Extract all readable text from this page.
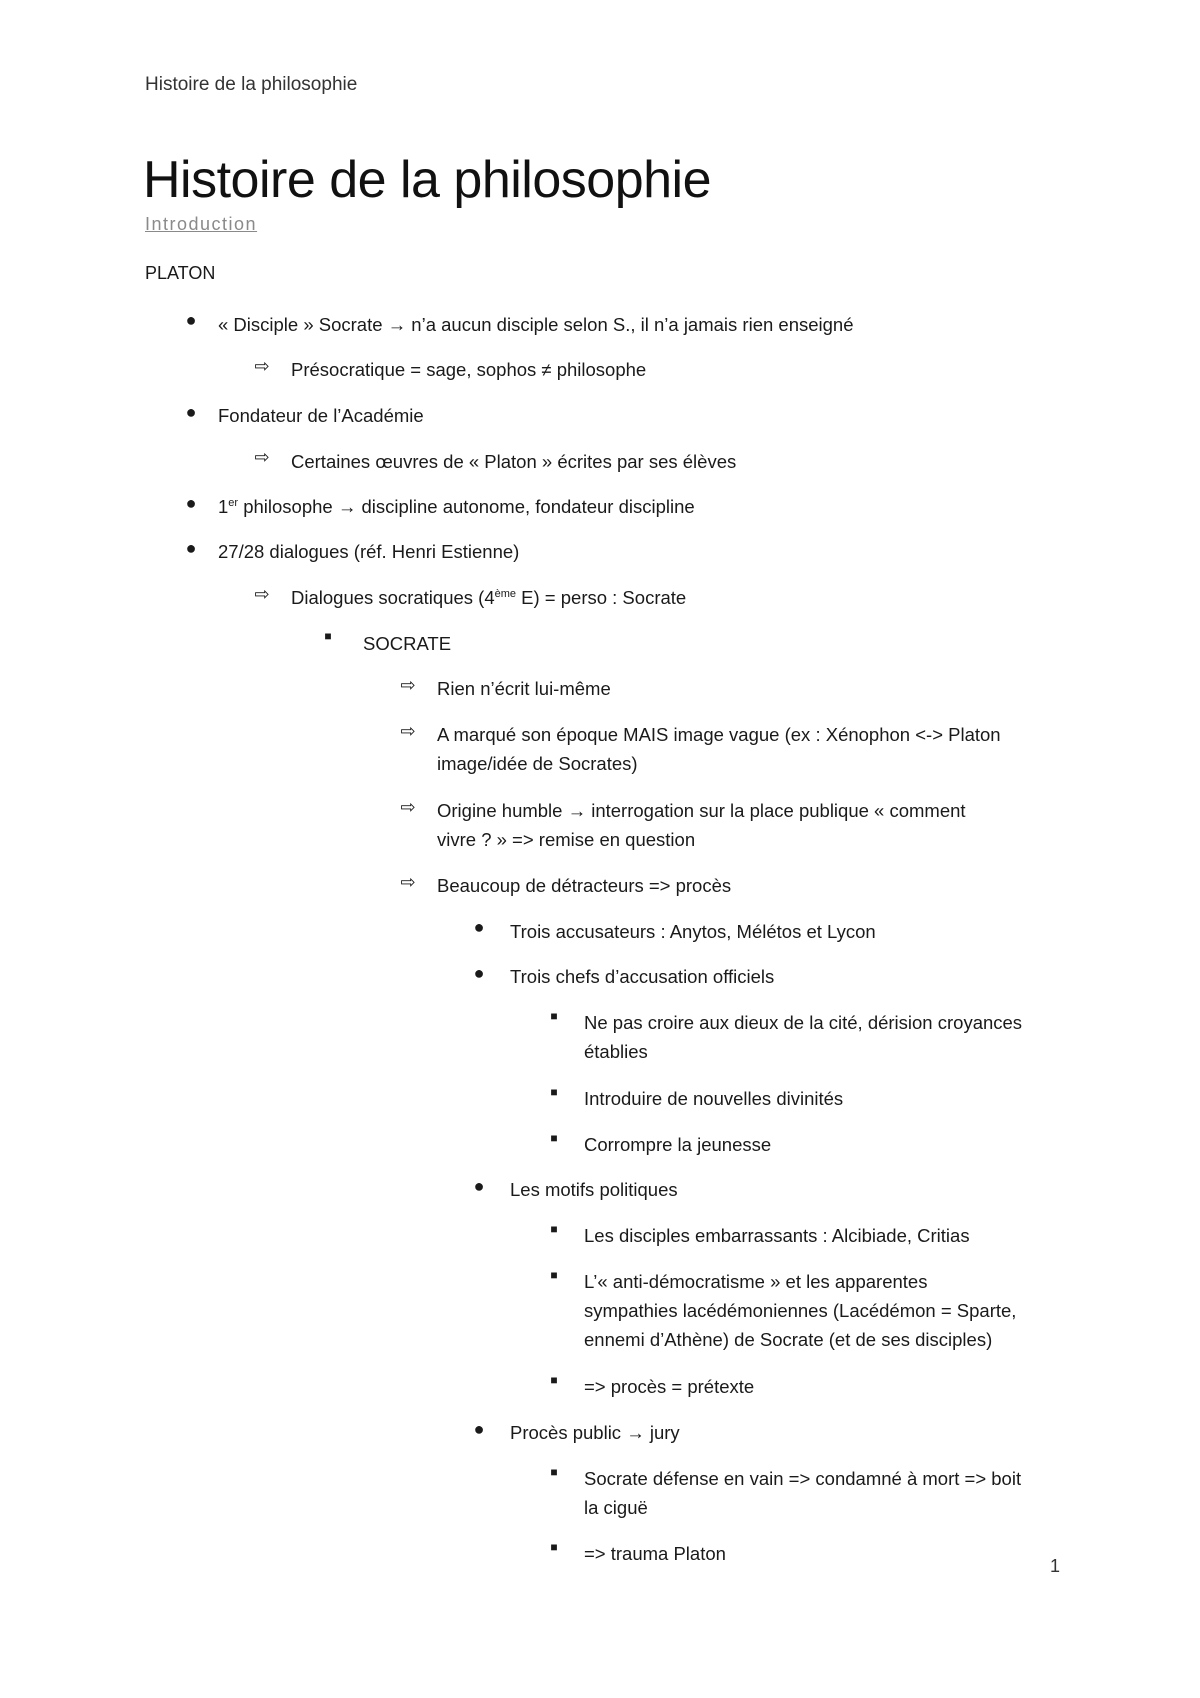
Histoire de la philosophie
Histoire de la philosophie
Introduction
PLATON
● « Disciple » Socrate → n’a aucun disciple selon S., il n’a jamais rien enseigné
⇨ Présocratique = sage, sophos ≠ philosophe
● Fondateur de l’Académie
⇨ Certaines œuvres de « Platon » écrites par ses élèves
● 1er philosophe → discipline autonome, fondateur discipline
● 27/28 dialogues (réf. Henri Estienne)
⇨ Dialogues socratiques (4ème E) = perso : Socrate
■	SOCRATE
⇨ Rien n’écrit lui-même
⇨ A marqué son époque MAIS image vague (ex : Xénophon <-> Platon
image/idée de Socrates)
⇨ Origine humble → interrogation sur la place publique « comment
vivre ? » => remise en question
⇨ Beaucoup de détracteurs => procès
● Trois accusateurs : Anytos, Mélétos et Lycon
● Trois chefs d’accusation officiels
■	Ne pas croire aux dieux de la cité, dérision croyances
établies
■	Introduire de nouvelles divinités
■	Corrompre la jeunesse
● Les motifs politiques
■	Les disciples embarrassants : Alcibiade, Critias
■	L’« anti-démocratisme » et les apparentes
sympathies lacédémoniennes (Lacédémon = Sparte,
ennemi d’Athène) de Socrate (et de ses disciples)
■	=> procès = prétexte
● Procès public → jury
■	Socrate défense en vain => condamné à mort => boit
la ciguë
■	=> trauma Platon
1
